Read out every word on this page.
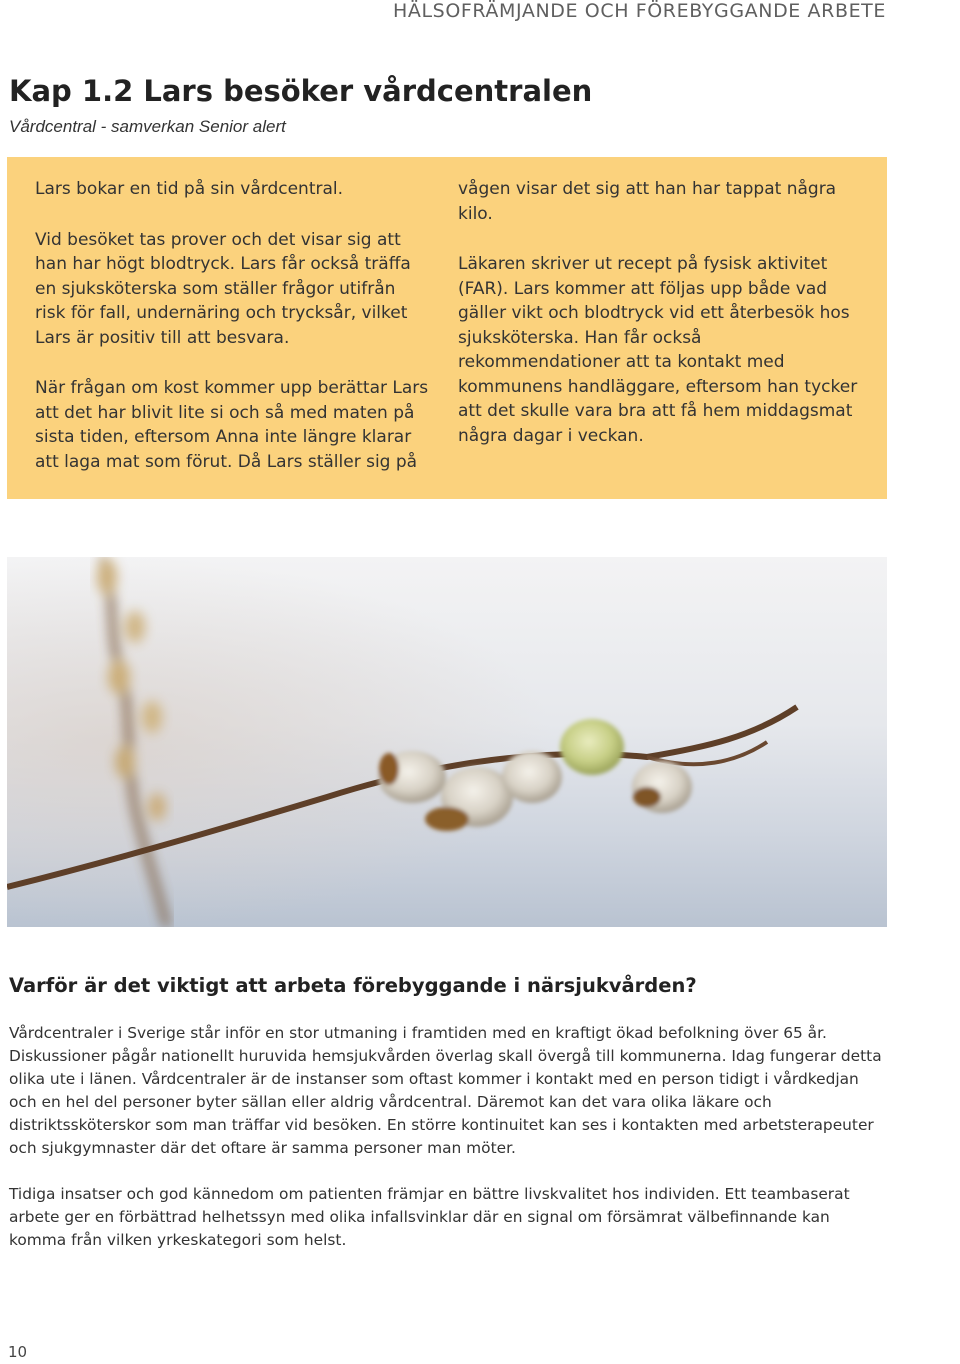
HÄLSOFRÄMJANDE OCH FÖREBYGGANDE ARBETE
Kap 1.2 Lars besöker vårdcentralen
Vårdcentral - samverkan Senior alert

Lars bokar en tid på sin vårdcentral.

Vid besöket tas prover och det visar sig att han har högt blodtryck. Lars får också träffa en sjuksköterska som ställer frågor utifrån risk för fall, undernäring och trycksår, vilket Lars är positiv till att besvara.

När frågan om kost kommer upp berättar Lars att det har blivit lite si och så med maten på sista tiden, eftersom Anna inte längre klarar att laga mat som förut. Då Lars ställer sig på

vågen visar det sig att han har tappat några kilo.

Läkaren skriver ut recept på fysisk aktivitet (FAR). Lars kommer att följas upp både vad gäller vikt och blodtryck vid ett återbesök hos sjuksköterska. Han får också rekommendationer att ta kontakt med kommunens handläggare, eftersom han tycker att det skulle vara bra att få hem middagsmat några dagar i veckan.

Varför är det viktigt att arbeta förebyggande i närsjukvården?

Vårdcentraler i Sverige står inför en stor utmaning i framtiden med en kraftigt ökad befolkning över 65 år. Diskussioner pågår nationellt huruvida hemsjukvården överlag skall övergå till kommunerna. Idag fungerar detta olika ute i länen. Vårdcentraler är de instanser som oftast kommer i kontakt med en person tidigt i vårdkedjan och en hel del personer byter sällan eller aldrig vårdcentral. Däremot kan det vara olika läkare och distriktssköterskor som man träffar vid besöken. En större kontinuitet kan ses i kontakten med arbetsterapeuter och sjukgymnaster där det oftare är samma personer man möter.

Tidiga insatser och god kännedom om patienten främjar en bättre livskvalitet hos individen. Ett teambaserat arbete ger en förbättrad helhetssyn med olika infallsvinklar där en signal om försämrat välbefinnande kan komma från vilken yrkeskategori som helst.

10
